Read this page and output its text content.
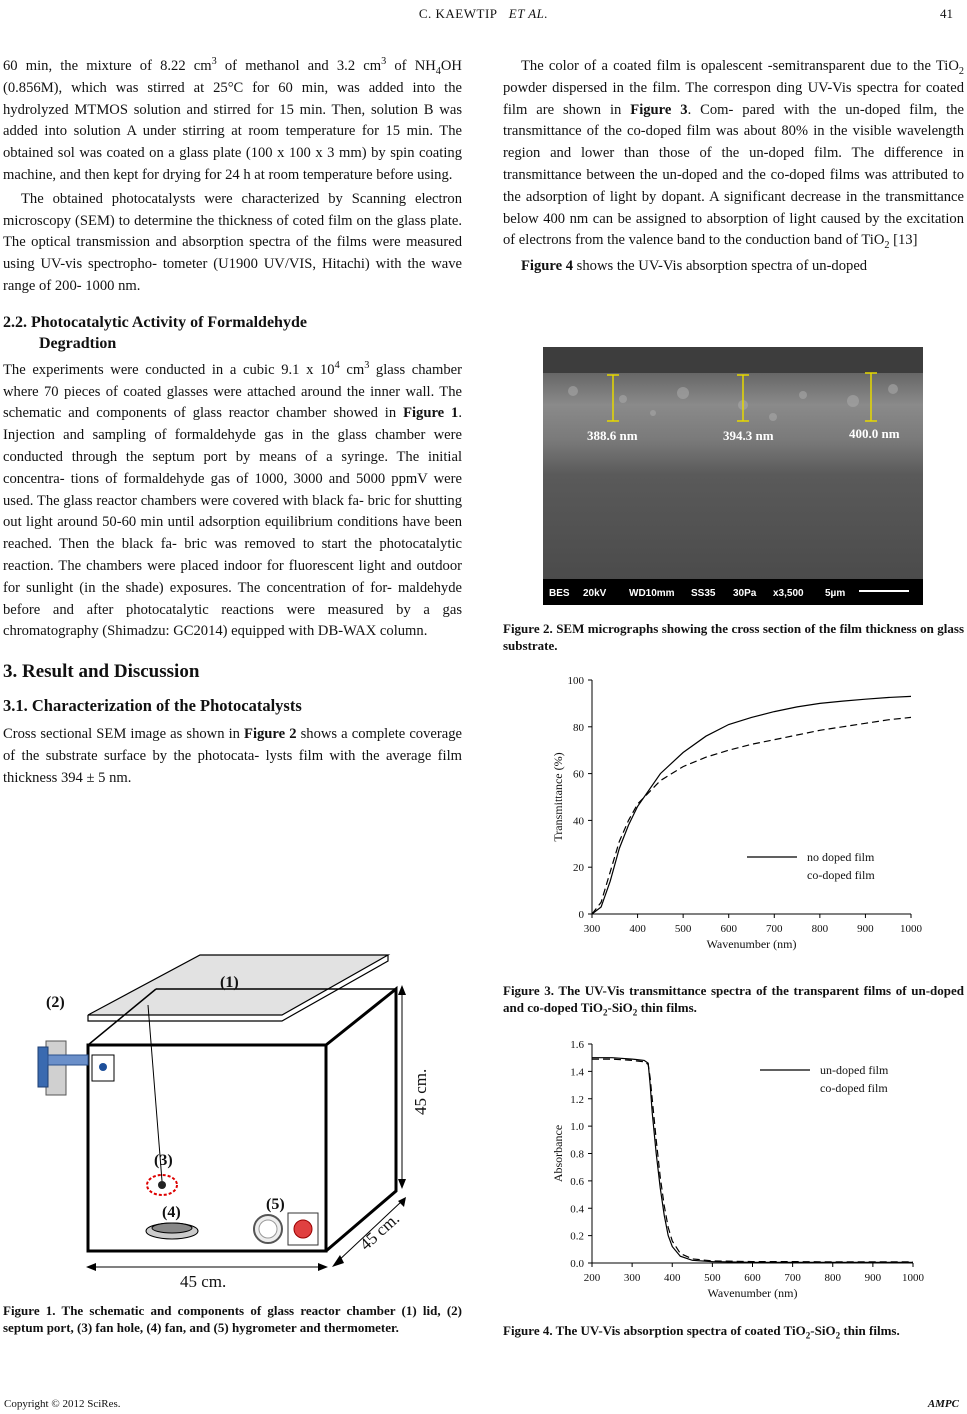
C. KAEWTIP ET AL.	41

60 min, the mixture of 8.22 $cm^3$ of methanol and 3.2 $cm^3$ of $NH_4OH$ (0.856M), which was stirred at 25°C for 60 min, was added into the hydrolyzed MTMOS solution and stirred for 15 min. Then, solution B was added into solution A under stirring at room temperature for 15 min. The obtained sol was coated on a glass plate (100 x 100 x 3 mm) by spin coating machine, and then kept for drying for 24 h at room temperature before using.

The obtained photocatalysts were characterized by Scanning electron microscopy (SEM) to determine the thickness of coted film on the glass plate. The optical transmission and absorption spectra of the films were measured using UV-vis spectropho- tometer (U1900 UV/VIS, Hitachi) with the wave range of 200- 1000 nm.

2.2. Photocatalytic Activity of Formaldehyde
Degradtion

The experiments were conducted in a cubic 9.1 x $10^4$ $cm^3$ glass chamber where 70 pieces of coated glasses were attached around the inner wall. The schematic and components of glass reactor chamber showed in Figure 1. Injection and sampling of formaldehyde gas in the glass chamber were conducted through the septum port by means of a syringe. The initial concentra- tions of formaldehyde gas of 1000, 3000 and 5000 ppmV were used. The glass reactor chambers were covered with black fa- bric for shutting out light around 50-60 min until adsorption equilibrium conditions have been reached. Then the black fa- bric was removed to start the photocatalytic reaction. The chambers were placed indoor for fluorescent light and outdoor for sunlight (in the shade) exposures. The concentration of for- maldehyde before and after photocatalytic reactions were measured by a gas chromatography (Shimadzu: GC2014) equipped with DB-WAX column.

3. Result and Discussion
3.1. Characterization of the Photocatalysts

Cross sectional SEM image as shown in Figure 2 shows a complete coverage of the substrate surface by the photocata- lysts film with the average film thickness 394 ± 5 nm.

(1)
(2)
(3)
(4)	(5)
45 cm.
45 cm.
45 cm.
Figure 1. The schematic and components of glass reactor chamber (1) lid, (2) septum port, (3) fan hole, (4) fan, and (5) hygrometer and thermometer.

The color of a coated film is opalescent -semitransparent due to the TiO$_2$ powder dispersed in the film. The correspon ding UV-Vis spectra for coated film are shown in Figure 3. Com- pared with the un-doped film, the transmittance of the co-doped film was about 80% in the visible wavelength region and lower than those of the un-doped film. The difference in transmittance between the un-doped and the co-doped films was attributed to the adsorption of light by dopant. A significant decrease in the transmittance below 400 nm can be assigned to absorption of light caused by the excitation of electrons from the valence band to the conduction band of TiO$_2$ [13]

Figure 4 shows the UV-Vis absorption spectra of un-doped

388.6 nm	394.3 nm	400.0 nm
BES 20kV WD10mm SS35 30Pa x3,500 5µm
Figure 2. SEM micrographs showing the cross section of the film thickness on glass substrate.
300	400	500	600	700	800	900 1000
0
20
40
60
80
100
Wavenumber (nm)
Transmittance (%)
no doped film
co-doped film
Figure 3. The UV-Vis transmittance spectra of the transparent films of un-doped and co-doped TiO$_2$-SiO$_2$ thin films.
200 300 400 500 600 700 800 900 1000
0.0
0.2
0.4
0.6
0.8
1.0
1.2
1.4
1.6
Wavenumber (nm)
Absorbance
un-doped film
co-doped film
Figure 4. The UV-Vis absorption spectra of coated TiO$_2$-SiO$_2$ thin films.
Copyright © 2012 SciRes.	AMPC
